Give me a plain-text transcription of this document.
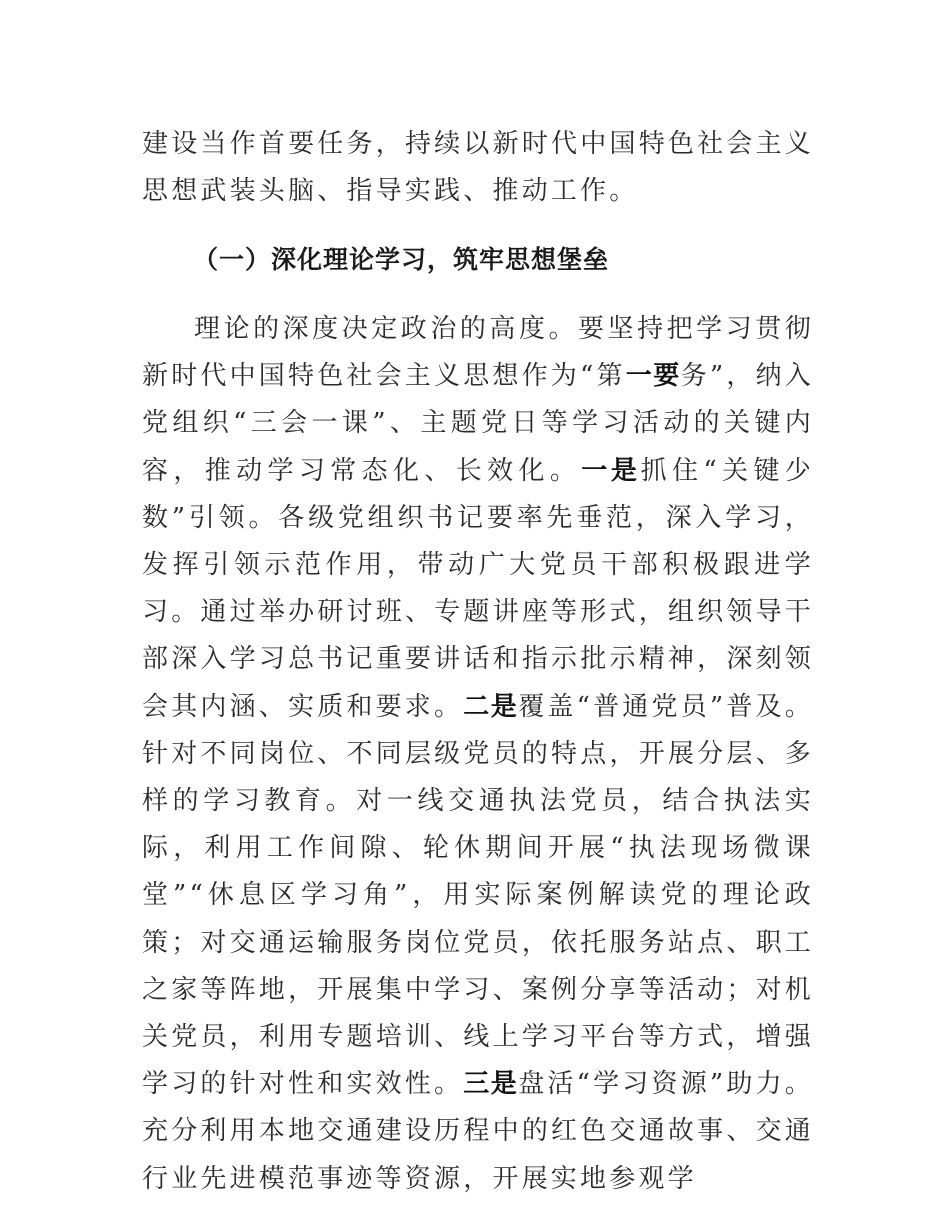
建设当作首要任务，持续以新时代中国特色社会主义思想武装头脑、指导实践、推动工作。

（一）深化理论学习，筑牢思想堡垒

理论的深度决定政治的高度。要坚持把学习贯彻新时代中国特色社会主义思想作为“第一要务”，纳入党组织“三会一课”、主题党日等学习活动的关键内容，推动学习常态化、长效化。一是抓住“关键少数”引领。各级党组织书记要率先垂范，深入学习，发挥引领示范作用，带动广大党员干部积极跟进学习。通过举办研讨班、专题讲座等形式，组织领导干部深入学习总书记重要讲话和指示批示精神，深刻领会其内涵、实质和要求。二是覆盖“普通党员”普及。针对不同岗位、不同层级党员的特点，开展分层、多样的学习教育。对一线交通执法党员，结合执法实际，利用工作间隙、轮休期间开展“执法现场微课堂”“休息区学习角”，用实际案例解读党的理论政策；对交通运输服务岗位党员，依托服务站点、职工之家等阵地，开展集中学习、案例分享等活动；对机关党员，利用专题培训、线上学习平台等方式，增强学习的针对性和实效性。三是盘活“学习资源”助力。充分利用本地交通建设历程中的红色交通故事、交通行业先进模范事迹等资源，开展实地参观学
